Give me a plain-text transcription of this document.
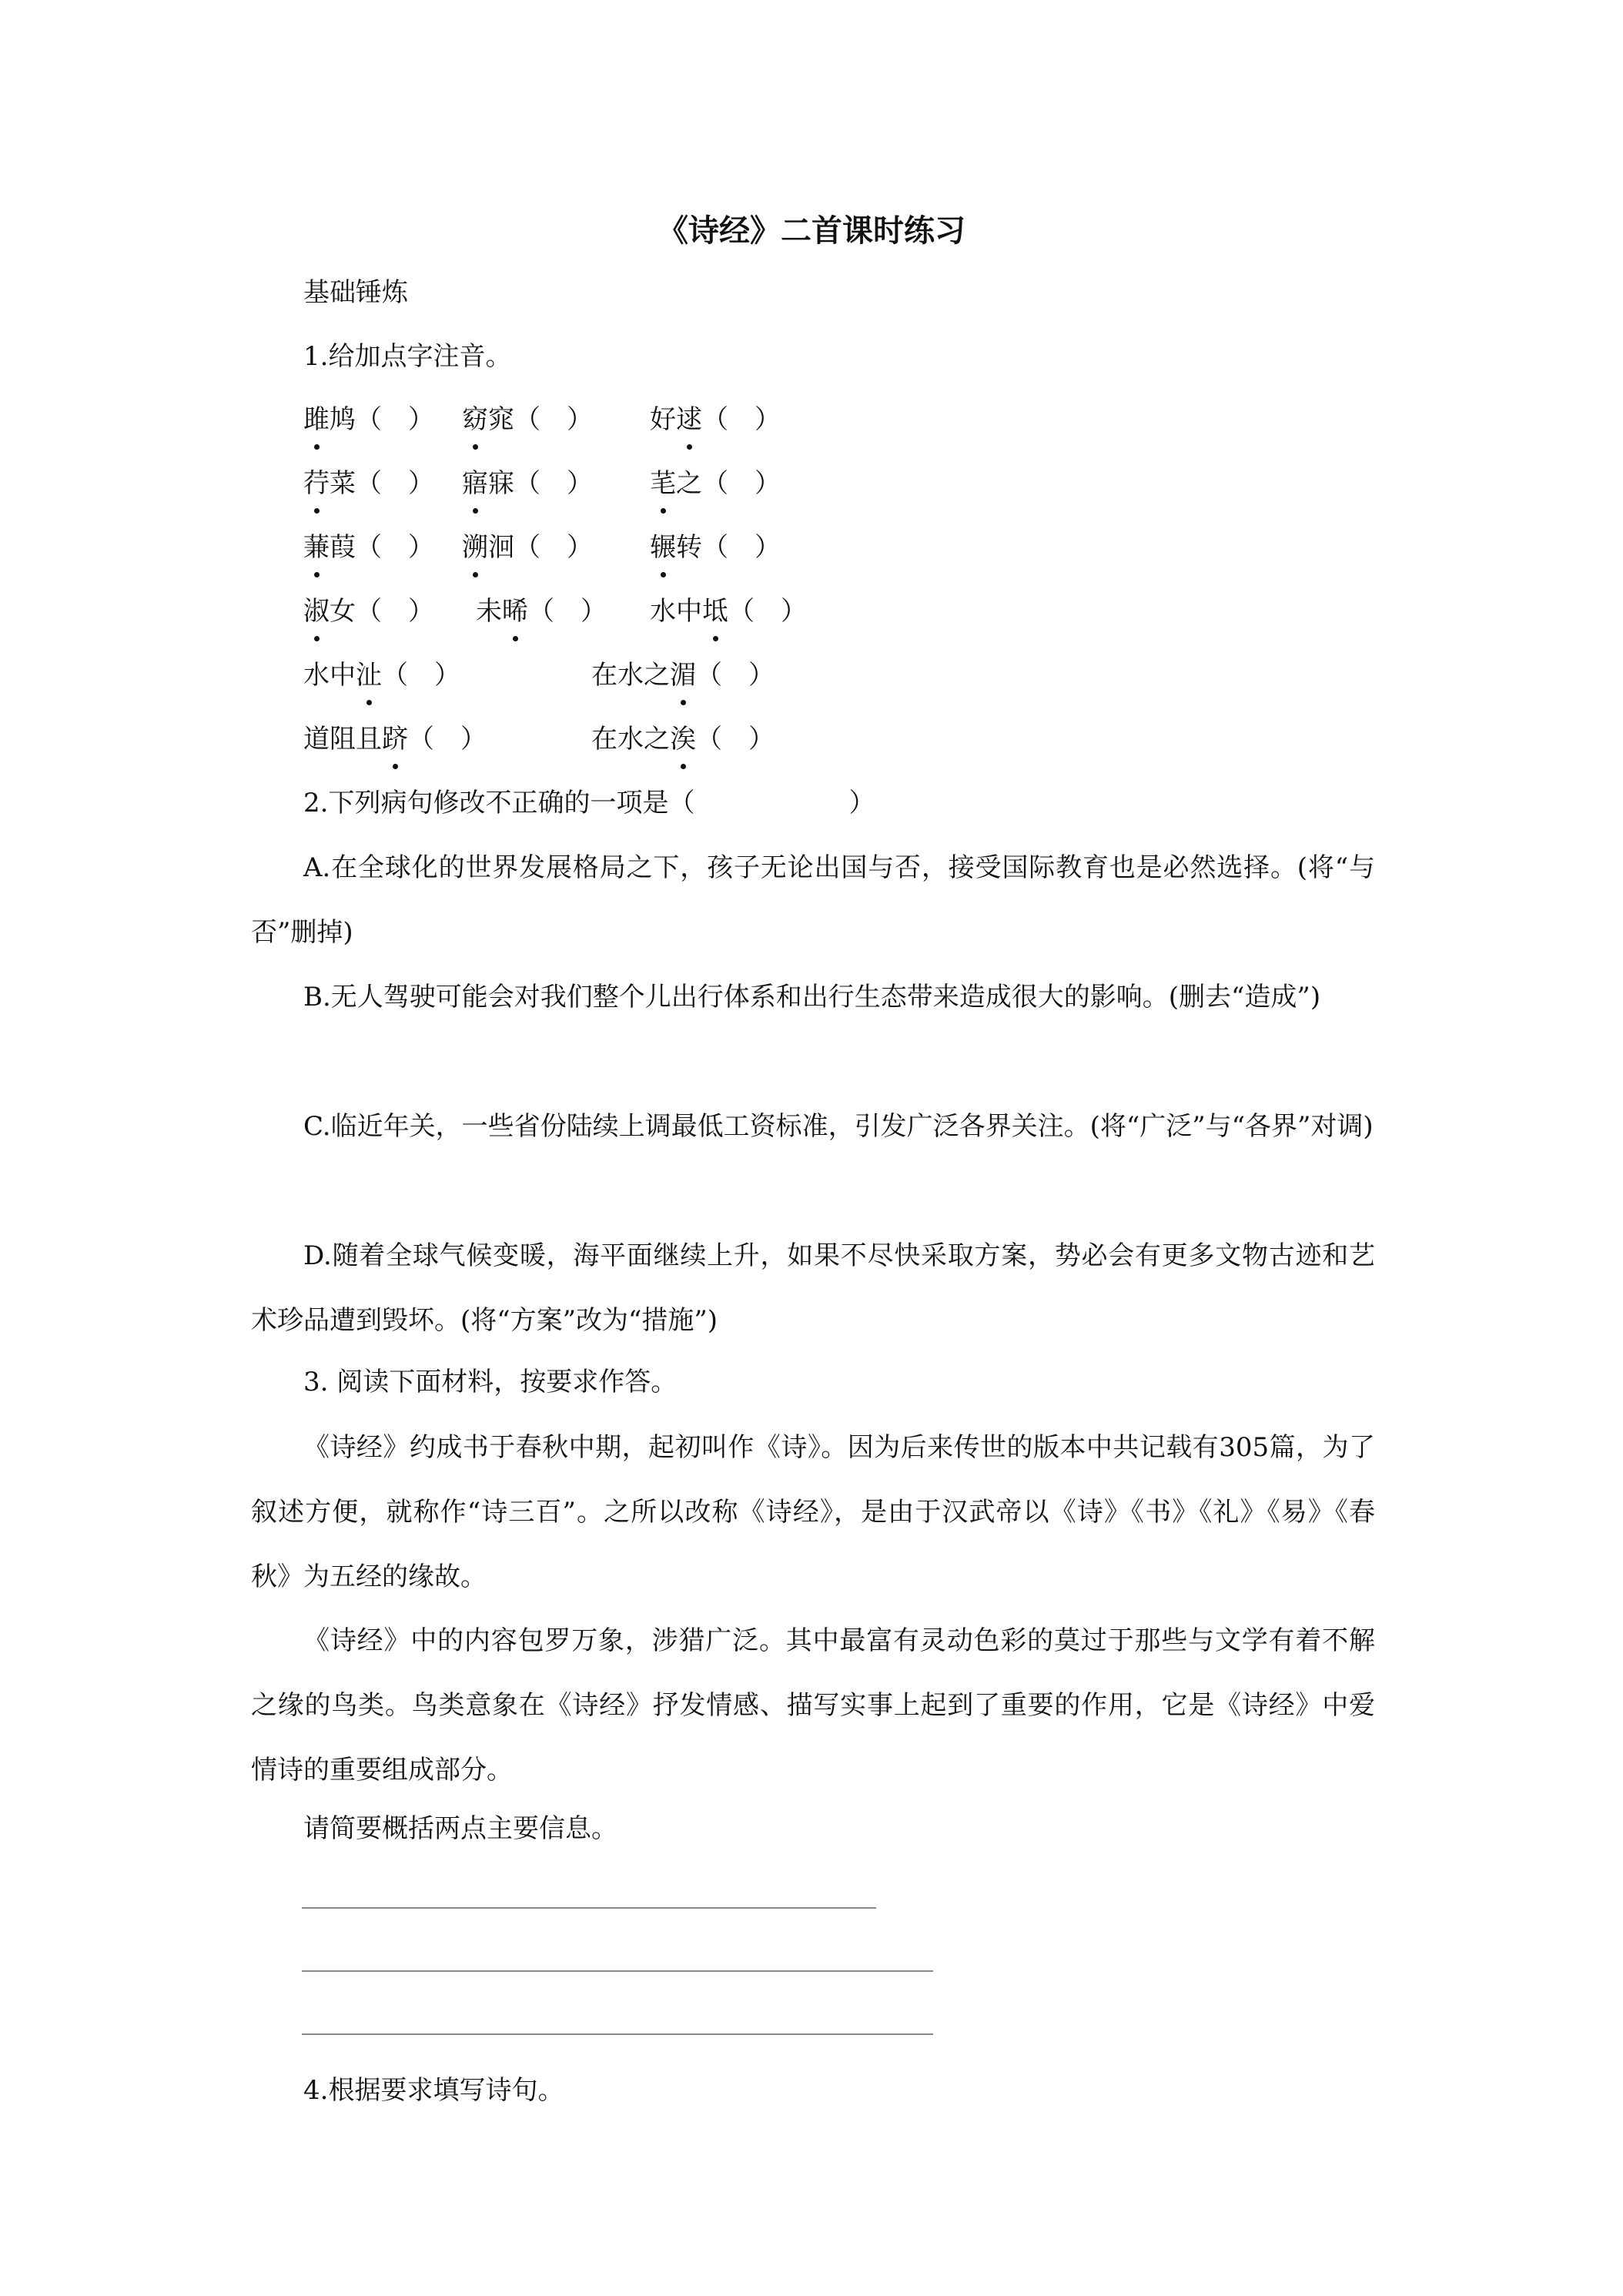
《诗经》二首课时练习
基础锤炼
1.给加点字注音。
雎鸠（　） 窈窕（　） 好逑（　）
荇菜（　） 寤寐（　） 芼之（　）
蒹葭（　） 溯洄（　） 辗转（　）
淑女（　） 未晞（　） 水中坻（　）
水中沚（　）	在水之湄（　）
道阻且跻（　）	在水之涘（　）
2.下列病句修改不正确的一项是（	）
A.在全球化的世界发展格局之下，孩子无论出国与否，接受国际教育也是必然选择。(将“与否”删掉)
B.无人驾驶可能会对我们整个儿出行体系和出行生态带来造成很大的影响。(删去“造成”)
C.临近年关，一些省份陆续上调最低工资标准，引发广泛各界关注。(将“广泛”与“各界”对调)
D.随着全球气候变暖，海平面继续上升，如果不尽快采取方案，势必会有更多文物古迹和艺术珍品遭到毁坏。(将“方案”改为“措施”)
3. 阅读下面材料，按要求作答。
《诗经》约成书于春秋中期，起初叫作《诗》。因为后来传世的版本中共记载有305篇，为了叙述方便，就称作“诗三百”。之所以改称《诗经》，是由于汉武帝以《诗》《书》《礼》《易》《春秋》为五经的缘故。
《诗经》中的内容包罗万象，涉猎广泛。其中最富有灵动色彩的莫过于那些与文学有着不解之缘的鸟类。鸟类意象在《诗经》抒发情感、描写实事上起到了重要的作用，它是《诗经》中爱情诗的重要组成部分。
请简要概括两点主要信息。
4.根据要求填写诗句。
